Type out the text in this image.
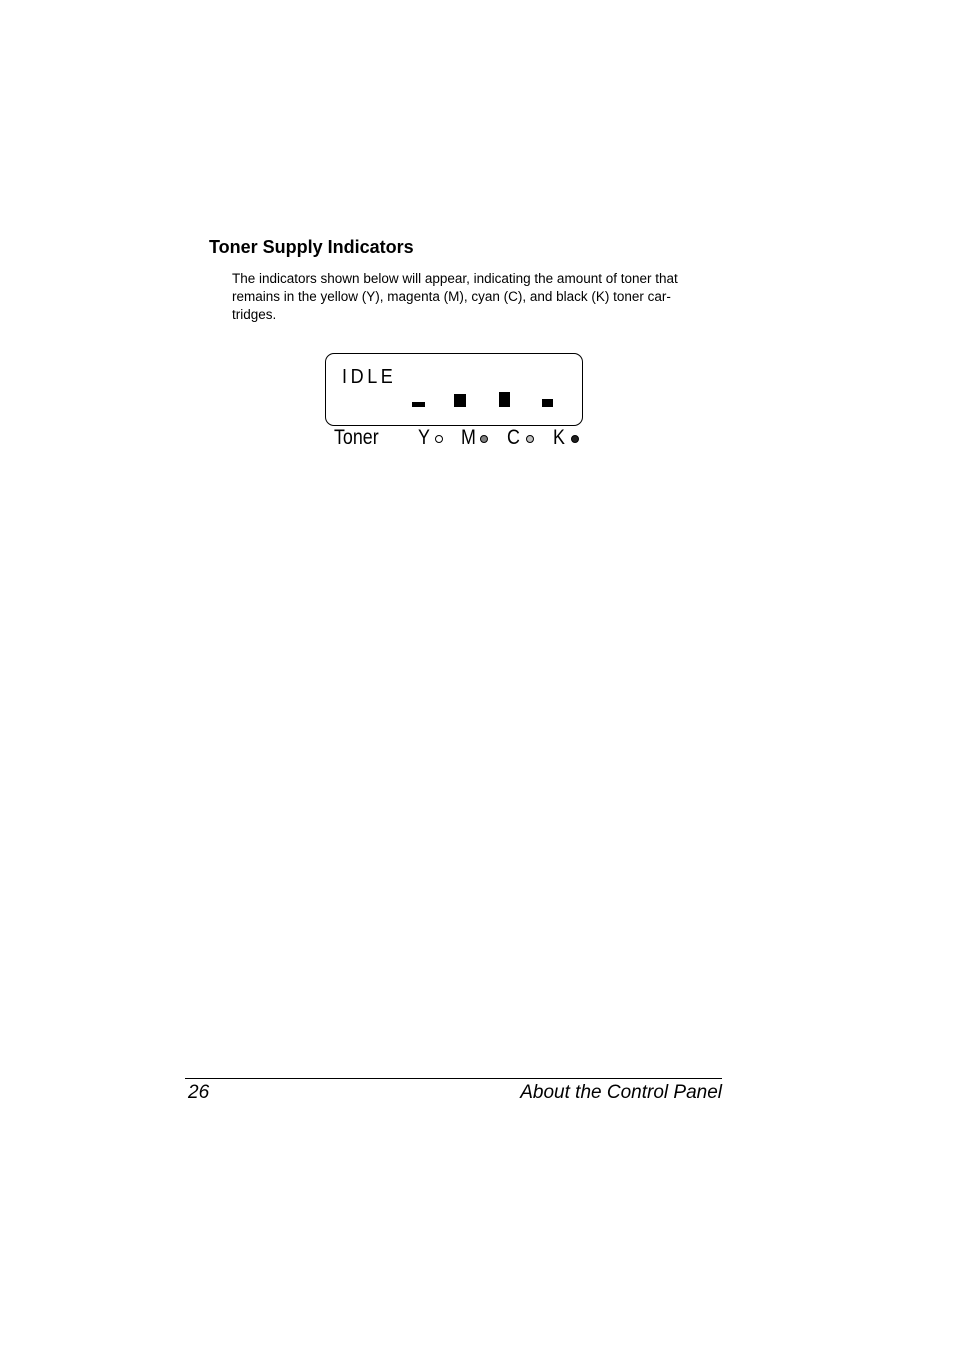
Toner Supply Indicators

The indicators shown below will appear, indicating the amount of toner that
remains in the yellow (Y), magenta (M), cyan (C), and black (K) toner car-
tridges.

IDLE
Toner Y M C K
26	About the Control Panel
